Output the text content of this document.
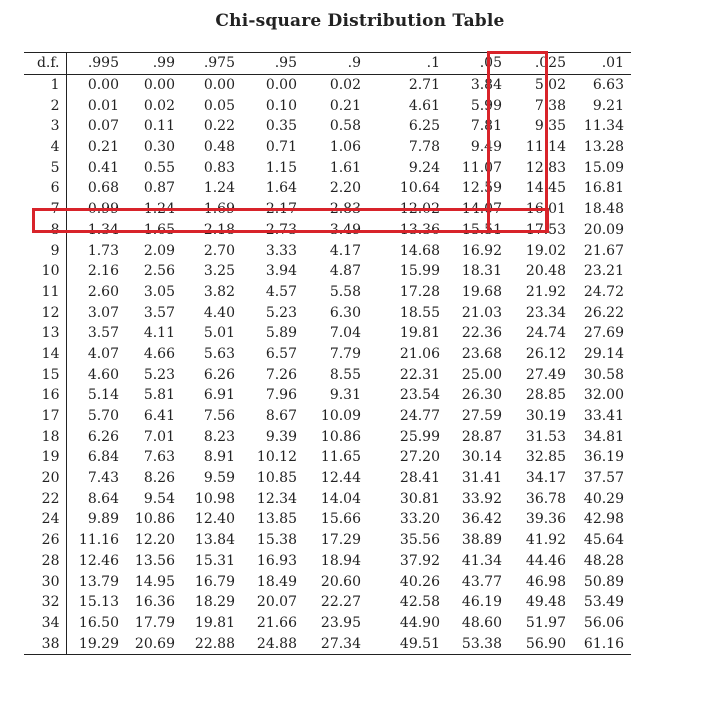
Chi-square Distribution Table
d.f.	.995	.99	.975	.95	.9	.1	.05	.025	.01
1	0.00	0.00	0.00	0.00	0.02	2.71	3.84	5.02	6.63
2	0.01	0.02	0.05	0.10	0.21	4.61	5.99	7.38	9.21
3	0.07	0.11	0.22	0.35	0.58	6.25	7.81	9.35	11.34
4	0.21	0.30	0.48	0.71	1.06	7.78	9.49	11.14	13.28
5	0.41	0.55	0.83	1.15	1.61	9.24	11.07	12.83	15.09
6	0.68	0.87	1.24	1.64	2.20	10.64	12.59	14.45	16.81
7	0.99	1.24	1.69	2.17	2.83	12.02	14.07	16.01	18.48
8	1.34	1.65	2.18	2.73	3.49	13.36	15.51	17.53	20.09
9	1.73	2.09	2.70	3.33	4.17	14.68	16.92	19.02	21.67
10	2.16	2.56	3.25	3.94	4.87	15.99	18.31	20.48	23.21
11	2.60	3.05	3.82	4.57	5.58	17.28	19.68	21.92	24.72
12	3.07	3.57	4.40	5.23	6.30	18.55	21.03	23.34	26.22
13	3.57	4.11	5.01	5.89	7.04	19.81	22.36	24.74	27.69
14	4.07	4.66	5.63	6.57	7.79	21.06	23.68	26.12	29.14
15	4.60	5.23	6.26	7.26	8.55	22.31	25.00	27.49	30.58
16	5.14	5.81	6.91	7.96	9.31	23.54	26.30	28.85	32.00
17	5.70	6.41	7.56	8.67	10.09	24.77	27.59	30.19	33.41
18	6.26	7.01	8.23	9.39	10.86	25.99	28.87	31.53	34.81
19	6.84	7.63	8.91	10.12	11.65	27.20	30.14	32.85	36.19
20	7.43	8.26	9.59	10.85	12.44	28.41	31.41	34.17	37.57
22	8.64	9.54	10.98	12.34	14.04	30.81	33.92	36.78	40.29
24	9.89	10.86	12.40	13.85	15.66	33.20	36.42	39.36	42.98
26	11.16	12.20	13.84	15.38	17.29	35.56	38.89	41.92	45.64
28	12.46	13.56	15.31	16.93	18.94	37.92	41.34	44.46	48.28
30	13.79	14.95	16.79	18.49	20.60	40.26	43.77	46.98	50.89
32	15.13	16.36	18.29	20.07	22.27	42.58	46.19	49.48	53.49
34	16.50	17.79	19.81	21.66	23.95	44.90	48.60	51.97	56.06
38	19.29	20.69	22.88	24.88	27.34	49.51	53.38	56.90	61.16
